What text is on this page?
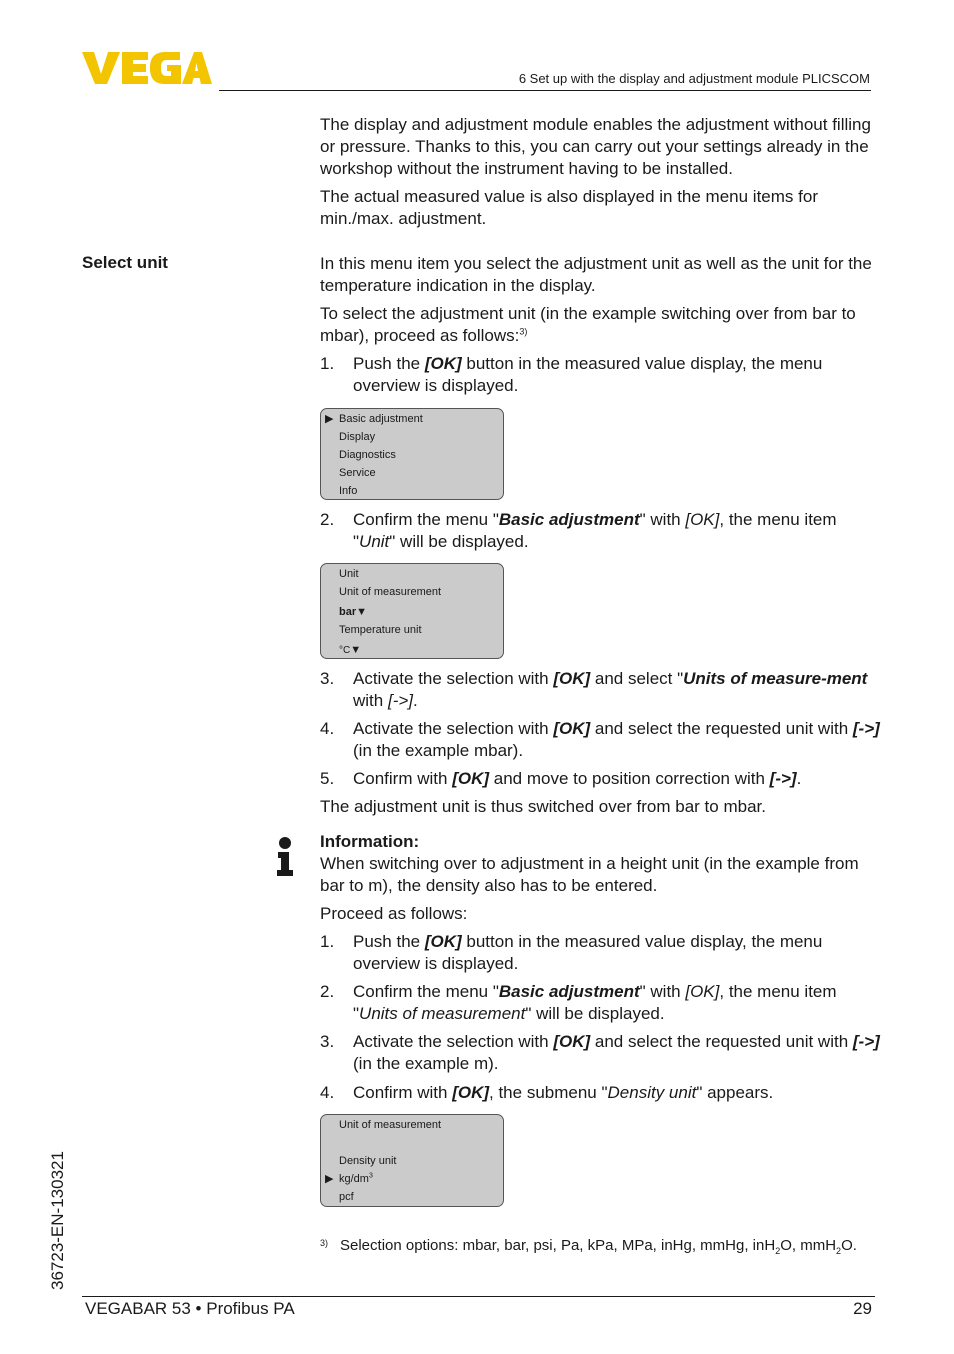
6 Set up with the display and adjustment module PLICSCOM

The display and adjustment module enables the adjustment without filling or pressure. Thanks to this, you can carry out your settings already in the workshop without the instrument having to be installed.

The actual measured value is also displayed in the menu items for min./max. adjustment.

Select unit	In this menu item you select the adjustment unit as well as the unit for the temperature indication in the display.

To select the adjustment unit (in the example switching over from bar to mbar), proceed as follows:$^{3)}$

1. Push the [OK] button in the measured value display, the menu overview is displayed.
▶ Basic adjustment
Display
Diagnostics
Service
Info
2. Confirm the menu "Basic adjustment" with [OK], the menu item "Unit" will be displayed.
Unit
Unit of measurement
bar▼
Temperature unit
°C▼
3. Activate the selection with [OK] and select "Units of measure-ment with [->].
4. Activate the selection with [OK] and select the requested unit with [->] (in the example mbar).
5. Confirm with [OK] and move to position correction with [->].
The adjustment unit is thus switched over from bar to mbar.

Information:

When switching over to adjustment in a height unit (in the example from bar to m), the density also has to be entered.

Proceed as follows:

1. Push the [OK] button in the measured value display, the menu overview is displayed.
2. Confirm the menu "Basic adjustment" with [OK], the menu item "Units of measurement" will be displayed.
3. Activate the selection with [OK] and select the requested unit with [->] (in the example m).
4. Confirm with [OK], the submenu "Density unit" appears.
Unit of measurement
Density unit
▶ $kg/dm^3$
pcf
3) Selection options: mbar, bar, psi, Pa, kPa, MPa, inHg, mmHg, inH$_2$O, mmH$_2$O.
36723-EN-130321
VEGABAR 53 • Profibus PA	29
